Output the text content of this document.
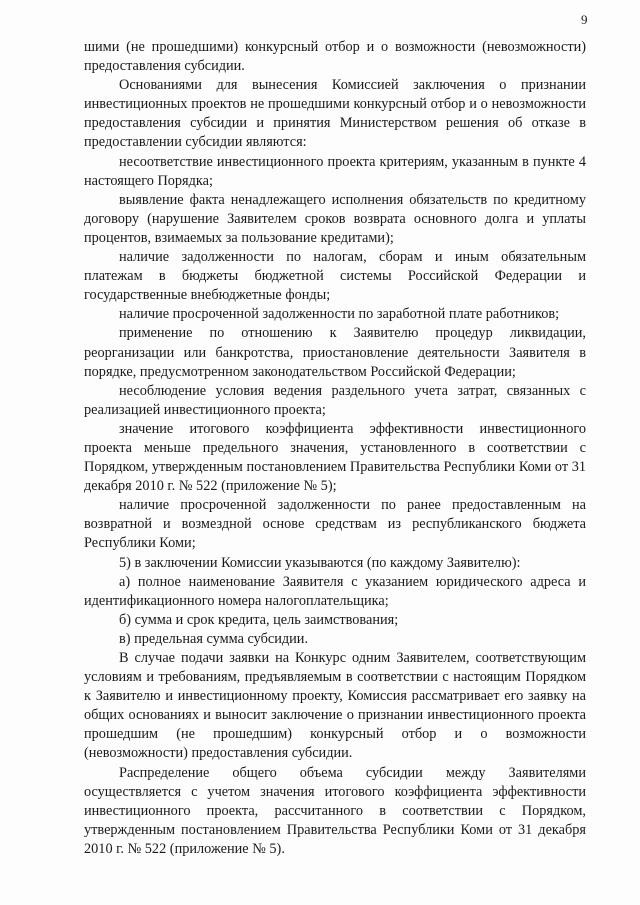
9

шими (не прошедшими) конкурсный отбор и о возможности (невозможности) предоставления субсидии.

Основаниями для вынесения Комиссией заключения о признании инвестиционных проектов не прошедшими конкурсный отбор и о невозможности предоставления субсидии и принятия Министерством решения об отказе в предоставлении субсидии являются:

несоответствие инвестиционного проекта критериям, указанным в пункте 4 настоящего Порядка;

выявление факта ненадлежащего исполнения обязательств по кредитному договору (нарушение Заявителем сроков возврата основного долга и уплаты процентов, взимаемых за пользование кредитами);

наличие задолженности по налогам, сборам и иным обязательным платежам в бюджеты бюджетной системы Российской Федерации и государственные внебюджетные фонды;

наличие просроченной задолженности по заработной плате работников;

применение по отношению к Заявителю процедур ликвидации, реорганизации или банкротства, приостановление деятельности Заявителя в порядке, предусмотренном законодательством Российской Федерации;

несоблюдение условия ведения раздельного учета затрат, связанных с реализацией инвестиционного проекта;

значение итогового коэффициента эффективности инвестиционного проекта меньше предельного значения, установленного в соответствии с Порядком, утвержденным постановлением Правительства Республики Коми от 31 декабря 2010 г. № 522 (приложение № 5);

наличие просроченной задолженности по ранее предоставленным на возвратной и возмездной основе средствам из республиканского бюджета Республики Коми;

5) в заключении Комиссии указываются (по каждому Заявителю):

а) полное наименование Заявителя с указанием юридического адреса и идентификационного номера налогоплательщика;

б) сумма и срок кредита, цель заимствования;

в) предельная сумма субсидии.

В случае подачи заявки на Конкурс одним Заявителем, соответствующим условиям и требованиям, предъявляемым в соответствии с настоящим Порядком к Заявителю и инвестиционному проекту, Комиссия рассматривает его заявку на общих основаниях и выносит заключение о признании инвестиционного проекта прошедшим (не прошедшим) конкурсный отбор и о возможности (невозможности) предоставления субсидии.

Распределение общего объема субсидии между Заявителями осуществляется с учетом значения итогового коэффициента эффективности инвестиционного проекта, рассчитанного в соответствии с Порядком, утвержденным постановлением Правительства Республики Коми от 31 декабря 2010 г. № 522 (приложение № 5).
